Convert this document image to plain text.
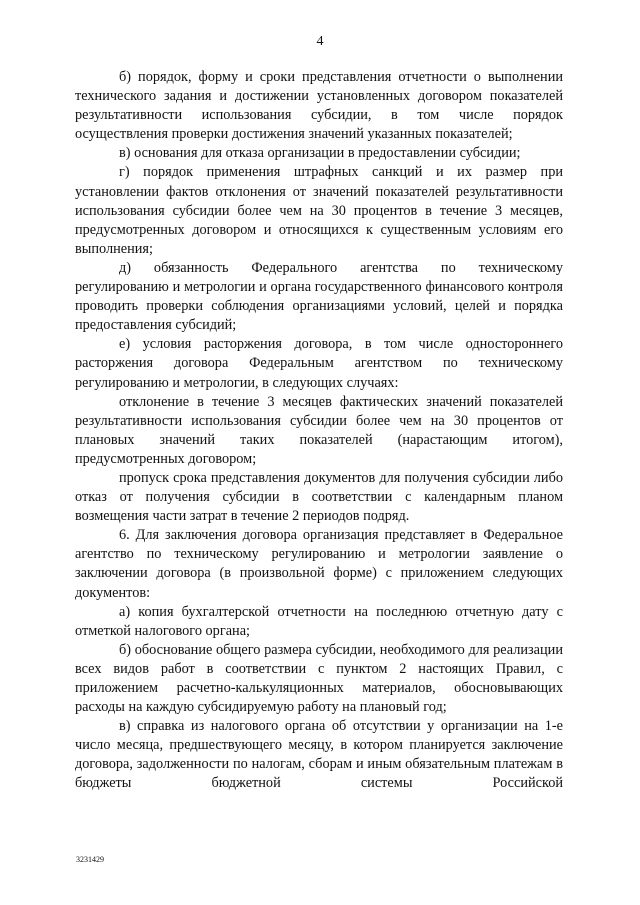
4

б) порядок, форму и сроки представления отчетности о выполнении технического задания и достижении установленных договором показателей результативности использования субсидии, в том числе порядок осуществления проверки достижения значений указанных показателей;

в) основания для отказа организации в предоставлении субсидии;

г) порядок применения штрафных санкций и их размер при установлении фактов отклонения от значений показателей результативности использования субсидии более чем на 30 процентов в течение 3 месяцев, предусмотренных договором и относящихся к существенным условиям его выполнения;

д) обязанность Федерального агентства по техническому регулированию и метрологии и органа государственного финансового контроля проводить проверки соблюдения организациями условий, целей и порядка предоставления субсидий;

е) условия расторжения договора, в том числе одностороннего расторжения договора Федеральным агентством по техническому регулированию и метрологии, в следующих случаях:

отклонение в течение 3 месяцев фактических значений показателей результативности использования субсидии более чем на 30 процентов от плановых значений таких показателей (нарастающим итогом), предусмотренных договором;

пропуск срока представления документов для получения субсидии либо отказ от получения субсидии в соответствии с календарным планом возмещения части затрат в течение 2 периодов подряд.

6. Для заключения договора организация представляет в Федеральное агентство по техническому регулированию и метрологии заявление о заключении договора (в произвольной форме) с приложением следующих документов:

а) копия бухгалтерской отчетности на последнюю отчетную дату с отметкой налогового органа;

б) обоснование общего размера субсидии, необходимого для реализации всех видов работ в соответствии с пунктом 2 настоящих Правил, с приложением расчетно-калькуляционных материалов, обосновывающих расходы на каждую субсидируемую работу на плановый год;

в) справка из налогового органа об отсутствии у организации на 1-е число месяца, предшествующего месяцу, в котором планируется заключение договора, задолженности по налогам, сборам и иным обязательным платежам в бюджеты бюджетной системы Российской

3231429
